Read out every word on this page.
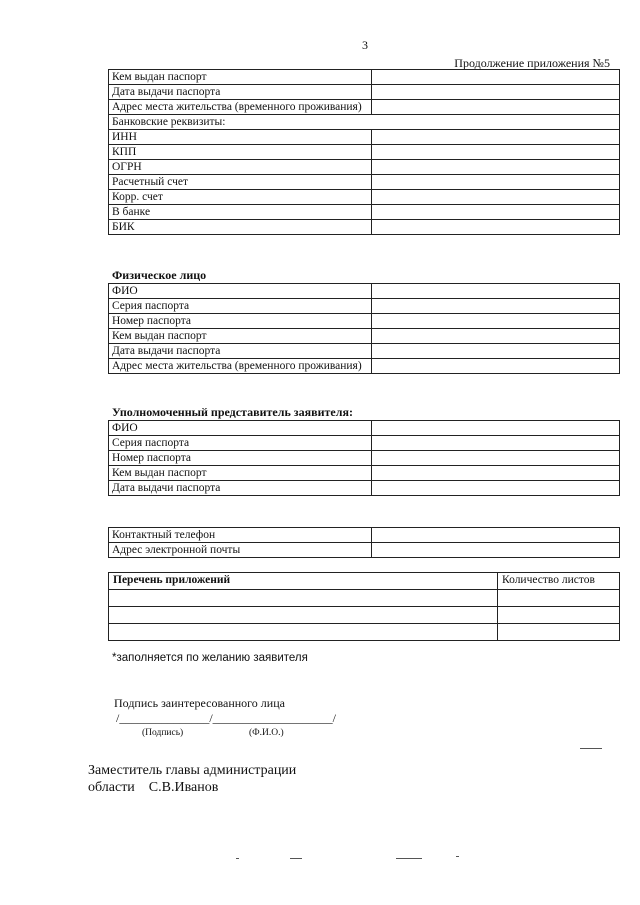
3
Продолжение приложения №5
Кем выдан паспорт	
Дата выдачи паспорта	
Адрес места жительства (временного проживания)	
Банковские реквизиты:	
ИНН	
КПП	
ОГРН	
Расчетный счет	
Корр. счет	
В банке	
БИК	
Физическое лицо
ФИО	
Серия паспорта	
Номер паспорта	
Кем выдан паспорт	
Дата выдачи паспорта	
Адрес места жительства (временного проживания)	
Уполномоченный представитель заявителя:
ФИО	
Серия паспорта	
Номер паспорта	
Кем выдан паспорт	
Дата выдачи паспорта	
Контактный телефон	
Адрес электронной почты	
Перечень приложений	Количество листов

*заполняется по желанию заявителя
Подпись заинтересованного лица
/_______________/____________________/
(Подпись)	(Ф.И.О.)
Заместитель главы администрации
области    С.В.Иванов
